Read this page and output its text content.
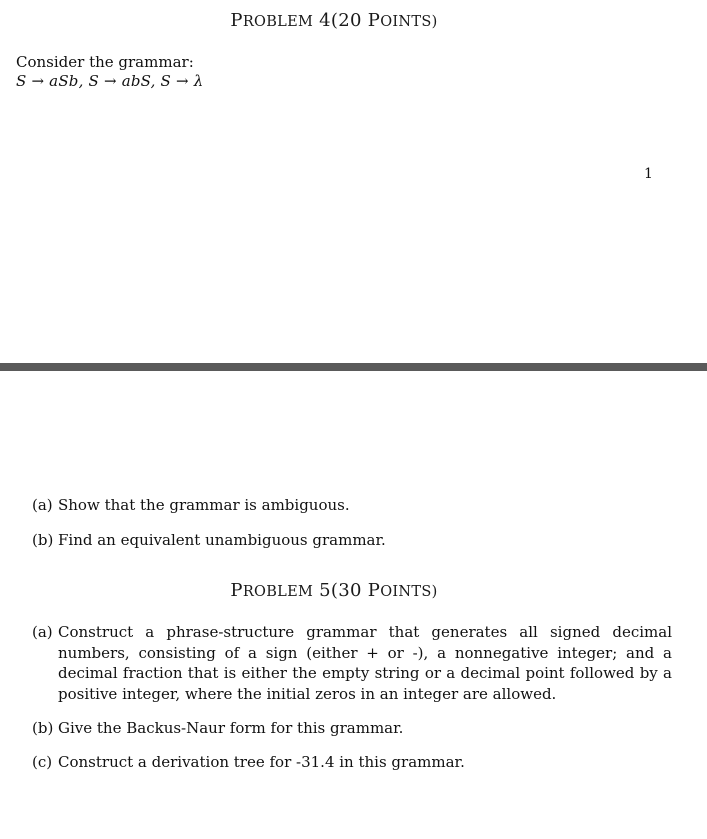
PROBLEM 4(20 POINTS)
Consider the grammar:
S → aSb, S → abS, S → λ
1
(a) Show that the grammar is ambiguous.
(b) Find an equivalent unambiguous grammar.
PROBLEM 5(30 POINTS)
(a) Construct a phrase-structure grammar that generates all signed decimal numbers, consisting of a sign (either + or -), a nonnegative integer; and a decimal fraction that is either the empty string or a decimal point followed by a positive integer, where the initial zeros in an integer are allowed.
(b) Give the Backus-Naur form for this grammar.
(c) Construct a derivation tree for -31.4 in this grammar.
